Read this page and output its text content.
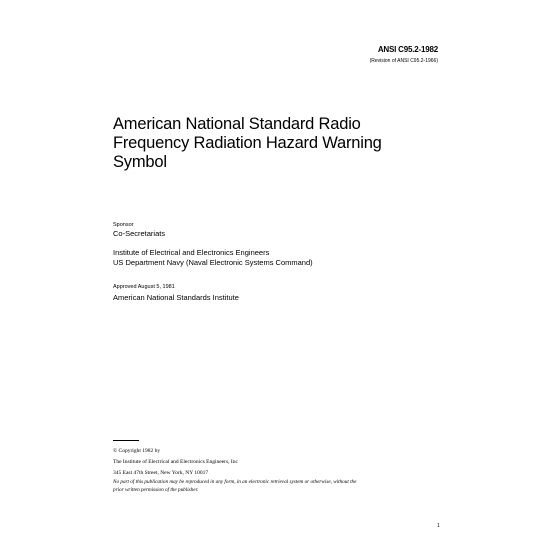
ANSI C95.2-1982
(Revision of ANSI C95.2-1966)
American National Standard Radio
Frequency Radiation Hazard Warning
Symbol
Sponsor
Co-Secretariats
Institute of Electrical and Electronics Engineers
US Department Navy (Naval Electronic Systems Command)
Approved August 5, 1981
American National Standards Institute
© Copyright 1982 by
The Institute of Electrical and Electronics Engineers, Inc
345 East 47th Street, New York, NY 10017
No part of this publication may be reproduced in any form, in an electronic retrieval system or otherwise, without the
prior written permission of the publisher.
1
